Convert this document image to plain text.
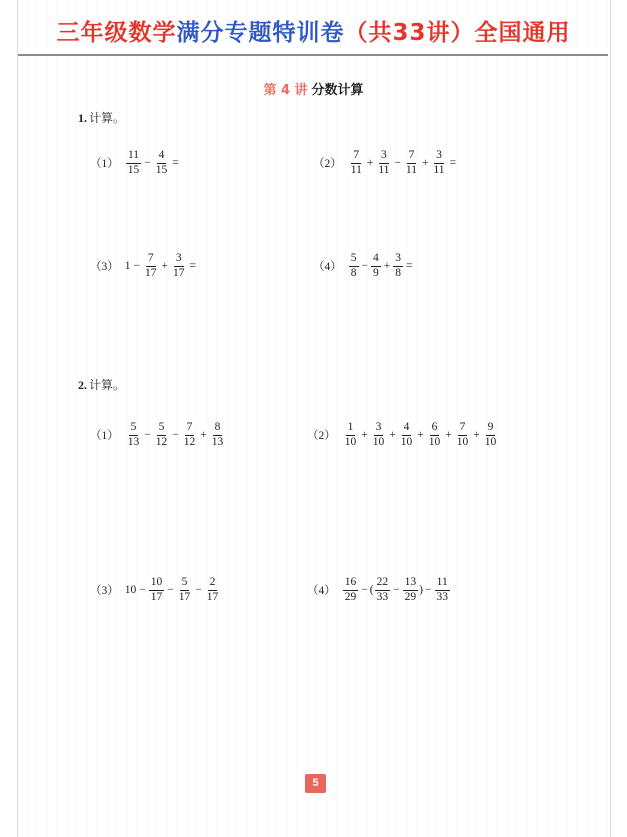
三年级数学满分专题特训卷（共33讲）全国通用
第 4 讲 分数计算
1. 计算。
$(1) \frac{11}{15} - \frac{4}{15}$ =	$(2) \frac{7}{11} + \frac{3}{11} - \frac{7}{11} + \frac{3}{11}$ =
（3） $1 - \frac{7}{17} + \frac{3}{17}$ =	$(4) \frac{5}{8} - \frac{4}{9} + \frac{3}{8}$ =
2. 计算。
$(1) \frac{5}{13} - \frac{5}{12} - \frac{7}{12} + \frac{8}{13}$	$(2) \frac{1}{10} + \frac{3}{10} + \frac{4}{10} + \frac{6}{10} + \frac{7}{10} + \frac{9}{10}$
（3） $10 - \frac{10}{17} - \frac{5}{17} - \frac{2}{17}$	$(4) \frac{16}{29}$ − ( $\frac{22}{33} - \frac{13}{29}$ ) − $\frac{11}{33}$
5
